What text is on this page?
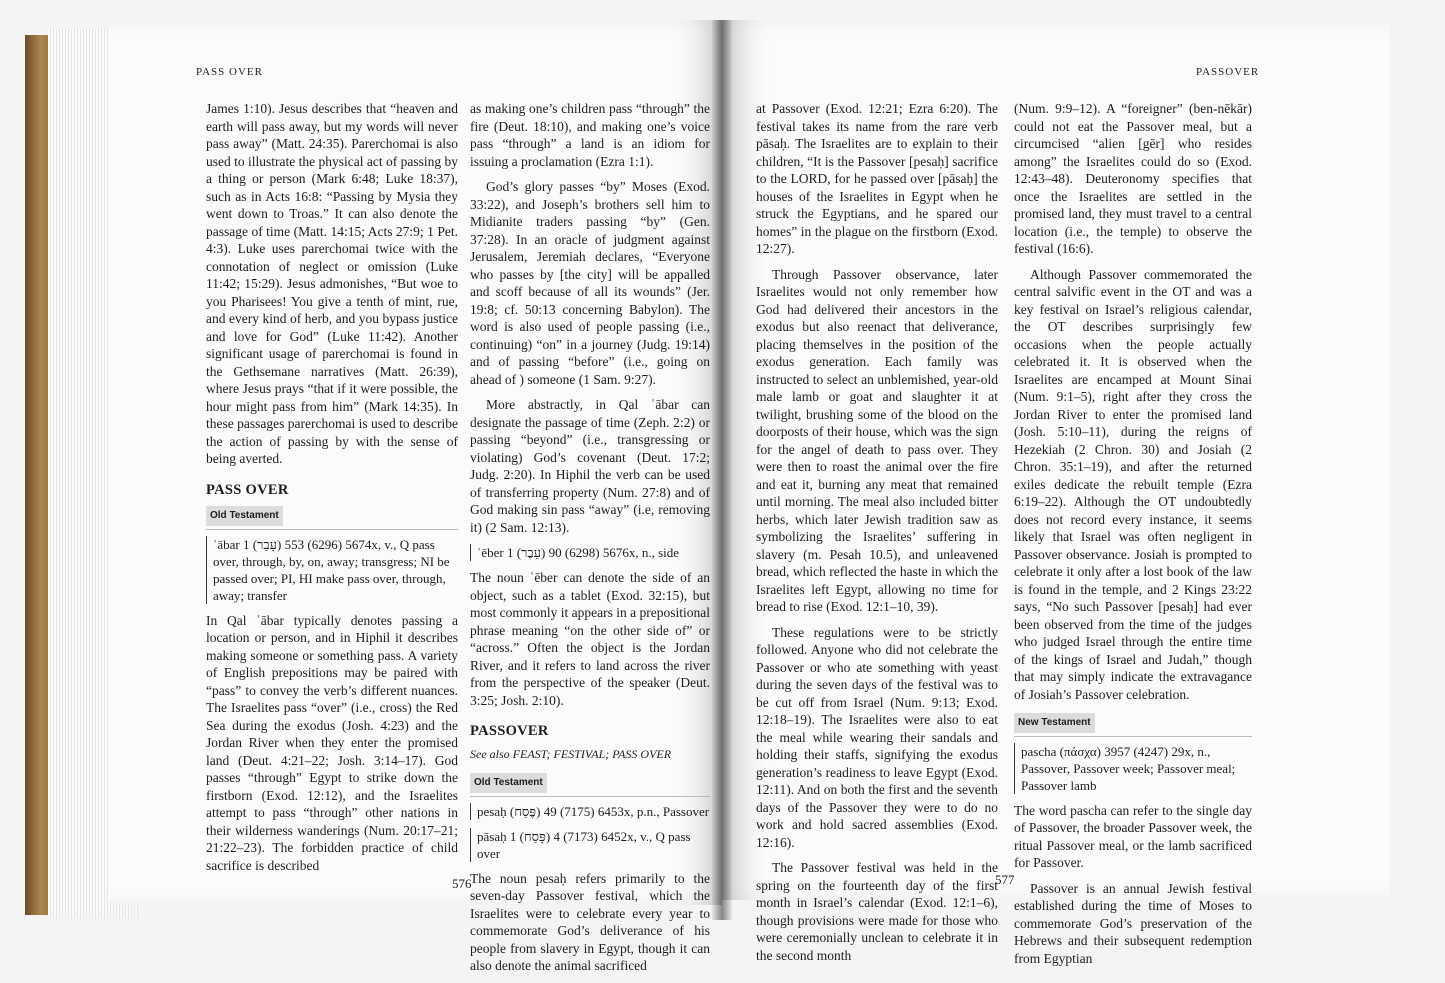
PASS OVER

James 1:10). Jesus describes that “heaven and earth will pass away, but my words will never pass away” (Matt. 24:35). Parerchomai is also used to illustrate the physical act of passing by a thing or person (Mark 6:48; Luke 18:37), such as in Acts 16:8: “Passing by Mysia they went down to Troas.” It can also denote the passage of time (Matt. 14:15; Acts 27:9; 1 Pet. 4:3). Luke uses parerchomai twice with the connotation of neglect or omission (Luke 11:42; 15:29). Jesus admonishes, “But woe to you Pharisees! You give a tenth of mint, rue, and every kind of herb, and you bypass justice and love for God” (Luke 11:42). Another significant usage of parerchomai is found in the Gethsemane narratives (Matt. 26:39), where Jesus prays “that if it were possible, the hour might pass from him” (Mark 14:35). In these passages parerchomai is used to describe the action of passing by with the sense of being averted.

PASS OVER
Old Testament
ʿābar 1 (עָבַר) 5674 (6296) 553x, v., Q pass over, through, by, on, away; transgress; NI be passed over; PI, HI make pass over, through, away; transfer

In Qal ʿābar typically denotes passing a location or person, and in Hiphil it describes making someone or something pass. A variety of English prepositions may be paired with “pass” to convey the verb’s different nuances. The Israelites pass “over” (i.e., cross) the Red Sea during the exodus (Josh. 4:23) and the Jordan River when they enter the promised land (Deut. 4:21–22; Josh. 3:14–17). God passes “through” Egypt to strike down the firstborn (Exod. 12:12), and the Israelites attempt to pass “through” other nations in their wilderness wanderings (Num. 20:17–21; 21:22–23). The forbidden practice of child sacrifice is described

as making one’s children pass “through” the fire (Deut. 18:10), and making one’s voice pass “through” a land is an idiom for issuing a proclamation (Ezra 1:1).

God’s glory passes “by” Moses (Exod. 33:22), and Joseph’s brothers sell him to Midianite traders passing “by” (Gen. 37:28). In an oracle of judgment against Jerusalem, Jeremiah declares, “Everyone who passes by [the city] will be appalled and scoff because of all its wounds” (Jer. 19:8; cf. 50:13 concerning Babylon). The word is also used of people passing (i.e., continuing) “on” in a journey (Judg. 19:14) and of passing “before” (i.e., going on ahead of ) someone (1 Sam. 9:27).

More abstractly, in Qal ʿābar can designate the passage of time (Zeph. 2:2) or passing “beyond” (i.e., transgressing or violating) God’s covenant (Deut. 17:2; Judg. 2:20). In Hiphil the verb can be used of transferring property (Num. 27:8) and of God making sin pass “away” (i.e, removing it) (2 Sam. 12:13).

ʿēber 1 (עֵבֶר) 5676 (6298) 90x, n., side

The noun ʿēber can denote the side of an object, such as a tablet (Exod. 32:15), but most commonly it appears in a prepositional phrase meaning “on the other side of” or “across.” Often the object is the Jordan River, and it refers to land across the river from the perspective of the speaker (Deut. 3:25; Josh. 2:10).

PASSOVER
See also FEAST; FESTIVAL; PASS OVER
Old Testament
pesaḥ (פֶּסַח) 6453 (7175) 49x, p.n., Passover
pāsaḥ 1 (פָּסַח) 6452 (7173) 4x, v., Q pass over

The noun pesaḥ refers primarily to the seven-day Passover festival, which the Israelites were to celebrate every year to commemorate God’s deliverance of his people from slavery in Egypt, though it can also denote the animal sacrificed

576
PASSOVER

at Passover (Exod. 12:21; Ezra 6:20). The festival takes its name from the rare verb pāsaḥ. The Israelites are to explain to their children, “It is the Passover [pesaḥ] sacrifice to the LORD, for he passed over [pāsaḥ] the houses of the Israelites in Egypt when he struck the Egyptians, and he spared our homes” in the plague on the firstborn (Exod. 12:27).

Through Passover observance, later Israelites would not only remember how God had delivered their ancestors in the exodus but also reenact that deliverance, placing themselves in the position of the exodus generation. Each family was instructed to select an unblemished, year-old male lamb or goat and slaughter it at twilight, brushing some of the blood on the doorposts of their house, which was the sign for the angel of death to pass over. They were then to roast the animal over the fire and eat it, burning any meat that remained until morning. The meal also included bitter herbs, which later Jewish tradition saw as symbolizing the Israelites’ suffering in slavery (m. Pesah 10.5), and unleavened bread, which reflected the haste in which the Israelites left Egypt, allowing no time for bread to rise (Exod. 12:1–10, 39).

These regulations were to be strictly followed. Anyone who did not celebrate the Passover or who ate something with yeast during the seven days of the festival was to be cut off from Israel (Num. 9:13; Exod. 12:18–19). The Israelites were also to eat the meal while wearing their sandals and holding their staffs, signifying the exodus generation’s readiness to leave Egypt (Exod. 12:11). And on both the first and the seventh days of the Passover they were to do no work and hold sacred assemblies (Exod. 12:16).

The Passover festival was held in the spring on the fourteenth day of the first month in Israel’s calendar (Exod. 12:1–6), though provisions were made for those who were ceremonially unclean to celebrate it in the second month

(Num. 9:9–12). A “foreigner” (ben-nēkār) could not eat the Passover meal, but a circumcised “alien [gēr] who resides among” the Israelites could do so (Exod. 12:43–48). Deuteronomy specifies that once the Israelites are settled in the promised land, they must travel to a central location (i.e., the temple) to observe the festival (16:6).

Although Passover commemorated the central salvific event in the OT and was a key festival on Israel’s religious calendar, the OT describes surprisingly few occasions when the people actually celebrated it. It is observed when the Israelites are encamped at Mount Sinai (Num. 9:1–5), right after they cross the Jordan River to enter the promised land (Josh. 5:10–11), during the reigns of Hezekiah (2 Chron. 30) and Josiah (2 Chron. 35:1–19), and after the returned exiles dedicate the rebuilt temple (Ezra 6:19–22). Although the OT undoubtedly does not record every instance, it seems likely that Israel was often negligent in Passover observance. Josiah is prompted to celebrate it only after a lost book of the law is found in the temple, and 2 Kings 23:22 says, “No such Passover [pesaḥ] had ever been observed from the time of the judges who judged Israel through the entire time of the kings of Israel and Judah,” though that may simply indicate the extravagance of Josiah’s Passover celebration.

New Testament
pascha (πάσχα) 3957 (4247) 29x, n., Passover, Passover week; Passover meal; Passover lamb

The word pascha can refer to the single day of Passover, the broader Passover week, the ritual Passover meal, or the lamb sacrificed for Passover.

Passover is an annual Jewish festival established during the time of Moses to commemorate God’s preservation of the Hebrews and their subsequent redemption from Egyptian

577
